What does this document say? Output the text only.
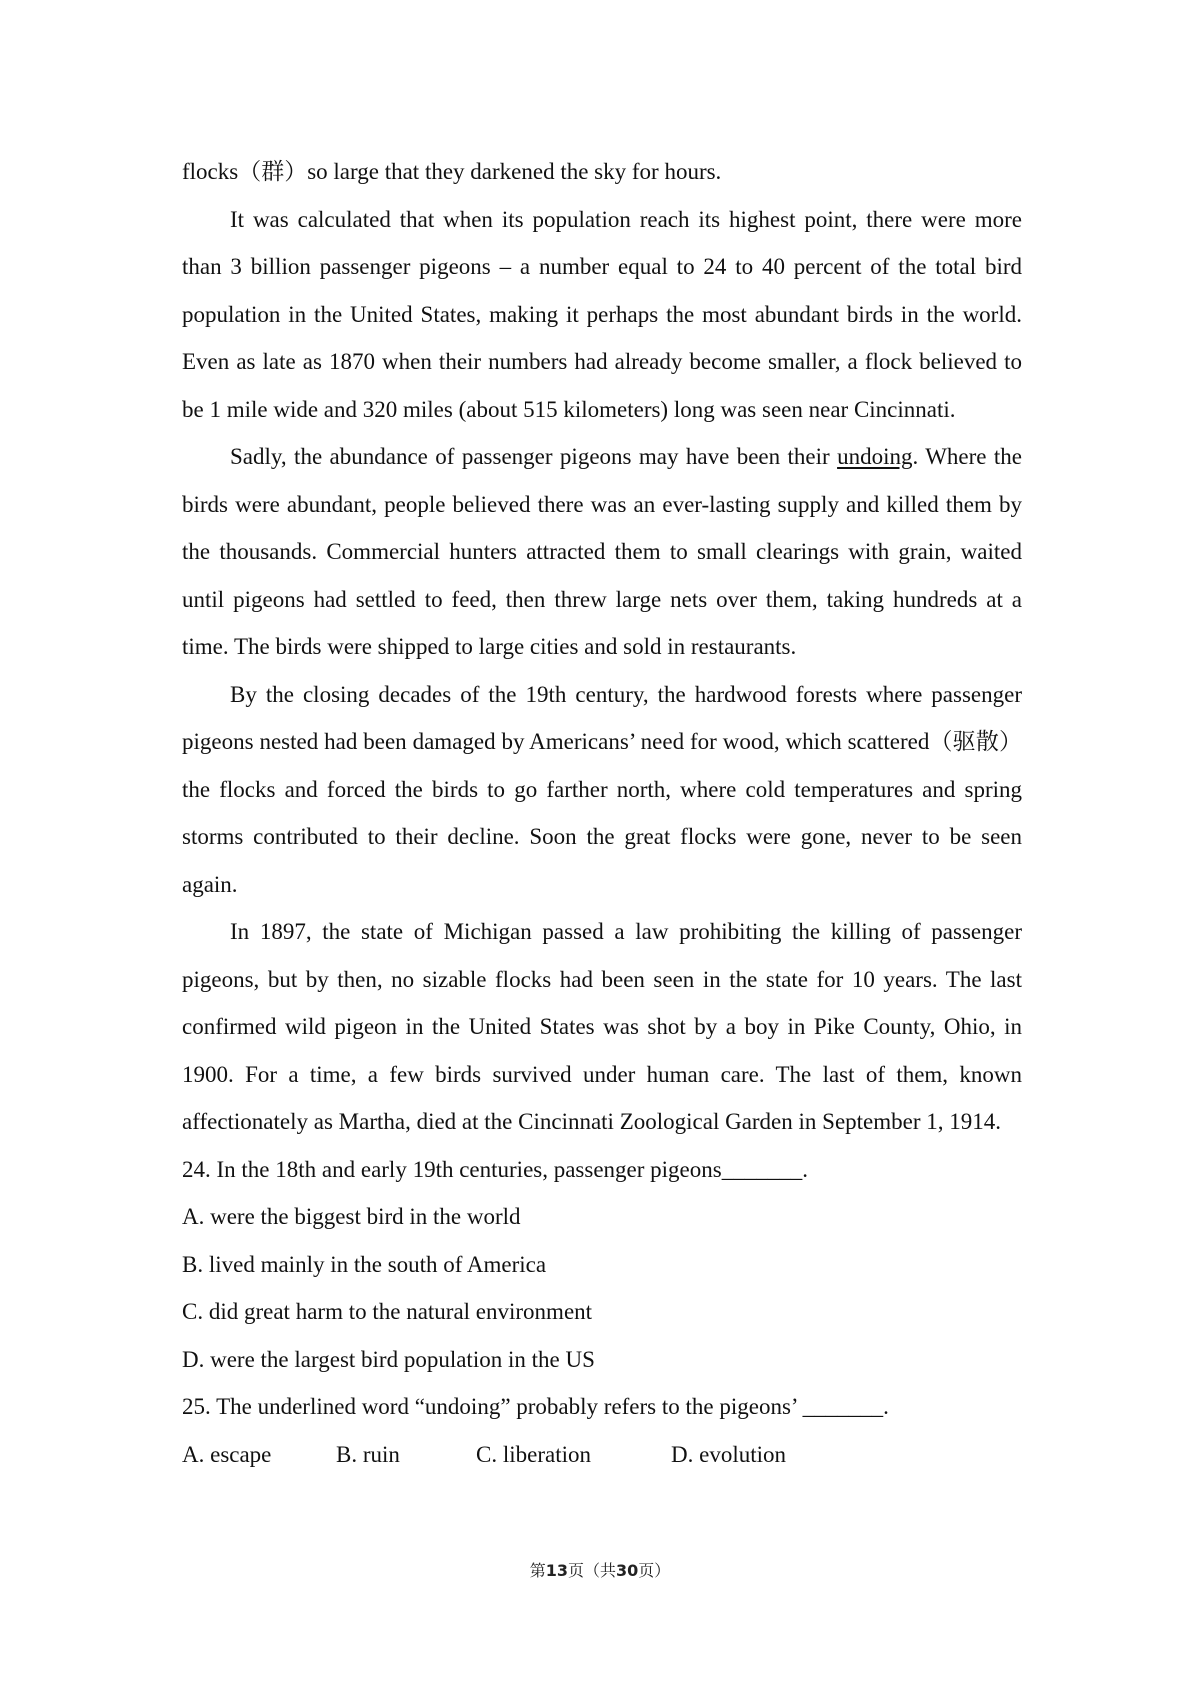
flocks（群）so large that they darkened the sky for hours.

It was calculated that when its population reach its highest point, there were more than 3 billion passenger pigeons – a number equal to 24 to 40 percent of the total bird population in the United States, making it perhaps the most abundant birds in the world. Even as late as 1870 when their numbers had already become smaller, a flock believed to be 1 mile wide and 320 miles (about 515 kilometers) long was seen near Cincinnati.

Sadly, the abundance of passenger pigeons may have been their undoing. Where the birds were abundant, people believed there was an ever-lasting supply and killed them by the thousands. Commercial hunters attracted them to small clearings with grain, waited until pigeons had settled to feed, then threw large nets over them, taking hundreds at a time. The birds were shipped to large cities and sold in restaurants.

By the closing decades of the 19th century, the hardwood forests where passenger pigeons nested had been damaged by Americans’ need for wood, which scattered（驱散）the flocks and forced the birds to go farther north, where cold temperatures and spring storms contributed to their decline. Soon the great flocks were gone, never to be seen again.

In 1897, the state of Michigan passed a law prohibiting the killing of passenger pigeons, but by then, no sizable flocks had been seen in the state for 10 years. The last confirmed wild pigeon in the United States was shot by a boy in Pike County, Ohio, in 1900. For a time, a few birds survived under human care. The last of them, known affectionately as Martha, died at the Cincinnati Zoological Garden in September 1, 1914.

24. In the 18th and early 19th centuries, passenger pigeons_______.

A. were the biggest bird in the world

B. lived mainly in the south of America

C. did great harm to the natural environment

D. were the largest bird population in the US

25. The underlined word “undoing” probably refers to the pigeons’ _______.

A. escape	B. ruin	C. liberation	D. evolution
第13页（共30页）
